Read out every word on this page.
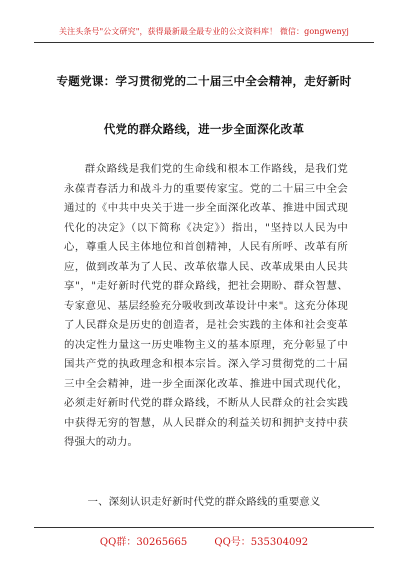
关注头条号"公文研究"，获得最新最全最专业的公文资料库！ 微信：gongwenyj
专题党课：学习贯彻党的二十届三中全会精神，走好新时
代党的群众路线，进一步全面深化改革

群众路线是我们党的生命线和根本工作路线，是我们党永葆青春活力和战斗力的重要传家宝。党的二十届三中全会通过的《中共中央关于进一步全面深化改革、推进中国式现代化的决定》（以下简称《决定》）指出，"坚持以人民为中心，尊重人民主体地位和首创精神，人民有所呼、改革有所应，做到改革为了人民、改革依靠人民、改革成果由人民共享"，"走好新时代党的群众路线，把社会期盼、群众智慧、专家意见、基层经验充分吸收到改革设计中来"。这充分体现了人民群众是历史的创造者，是社会实践的主体和社会变革的决定性力量这一历史唯物主义的基本原理，充分彰显了中国共产党的执政理念和根本宗旨。深入学习贯彻党的二十届三中全会精神，进一步全面深化改革、推进中国式现代化，必须走好新时代党的群众路线，不断从人民群众的社会实践中获得无穷的智慧，从人民群众的利益关切和拥护支持中获得强大的动力。

一、深刻认识走好新时代党的群众路线的重要意义
QQ群：30265665	QQ号：535304092
